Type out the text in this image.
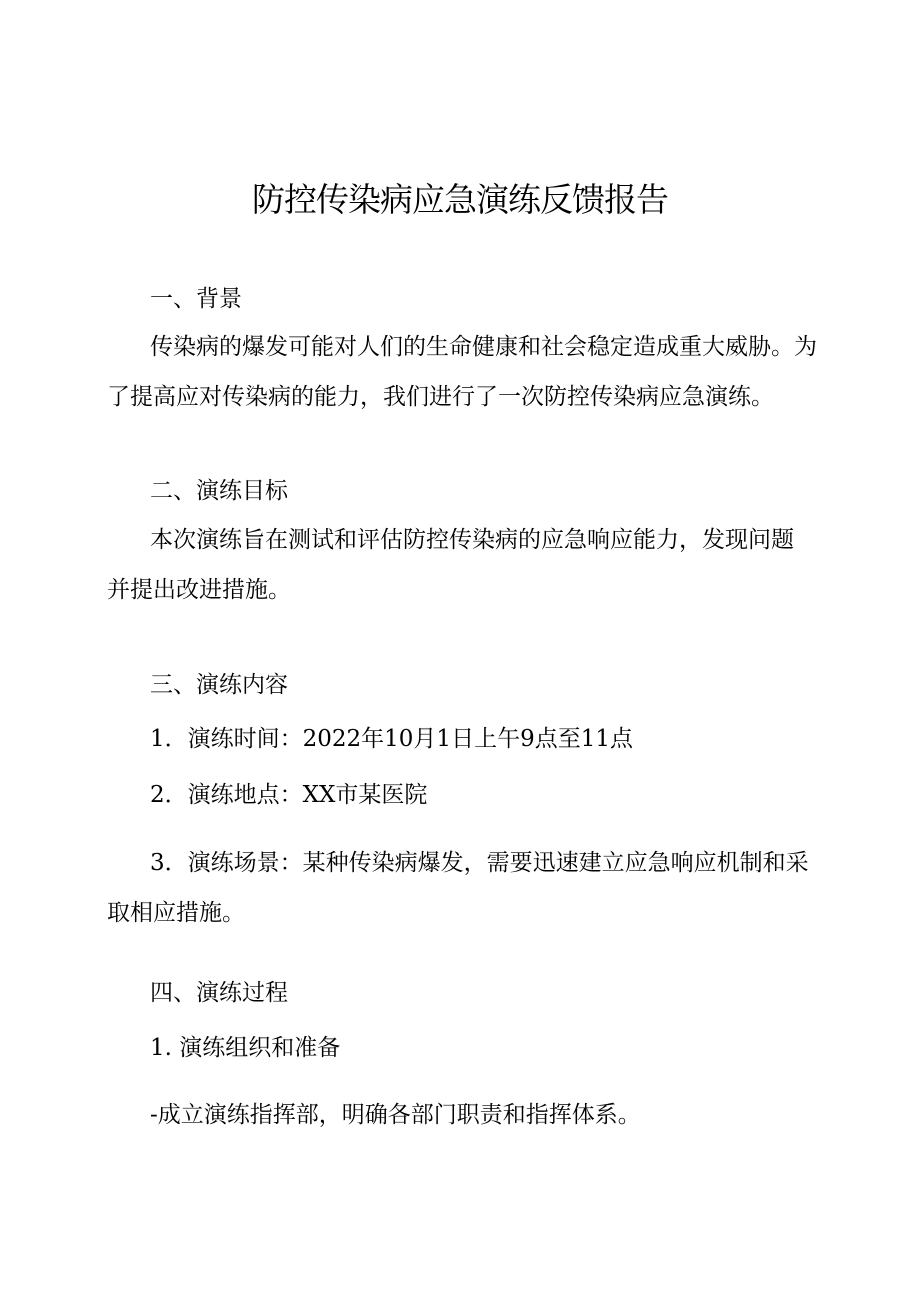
防控传染病应急演练反馈报告

一、背景

传染病的爆发可能对人们的生命健康和社会稳定造成重大威胁。为

了提高应对传染病的能力，我们进行了一次防控传染病应急演练。

二、演练目标

本次演练旨在测试和评估防控传染病的应急响应能力，发现问题

并提出改进措施。

三、演练内容

1．演练时间：2022年10月1日上午9点至11点

2．演练地点：XX市某医院

3．演练场景：某种传染病爆发，需要迅速建立应急响应机制和采

取相应措施。

四、演练过程

1. 演练组织和准备

-成立演练指挥部，明确各部门职责和指挥体系。
